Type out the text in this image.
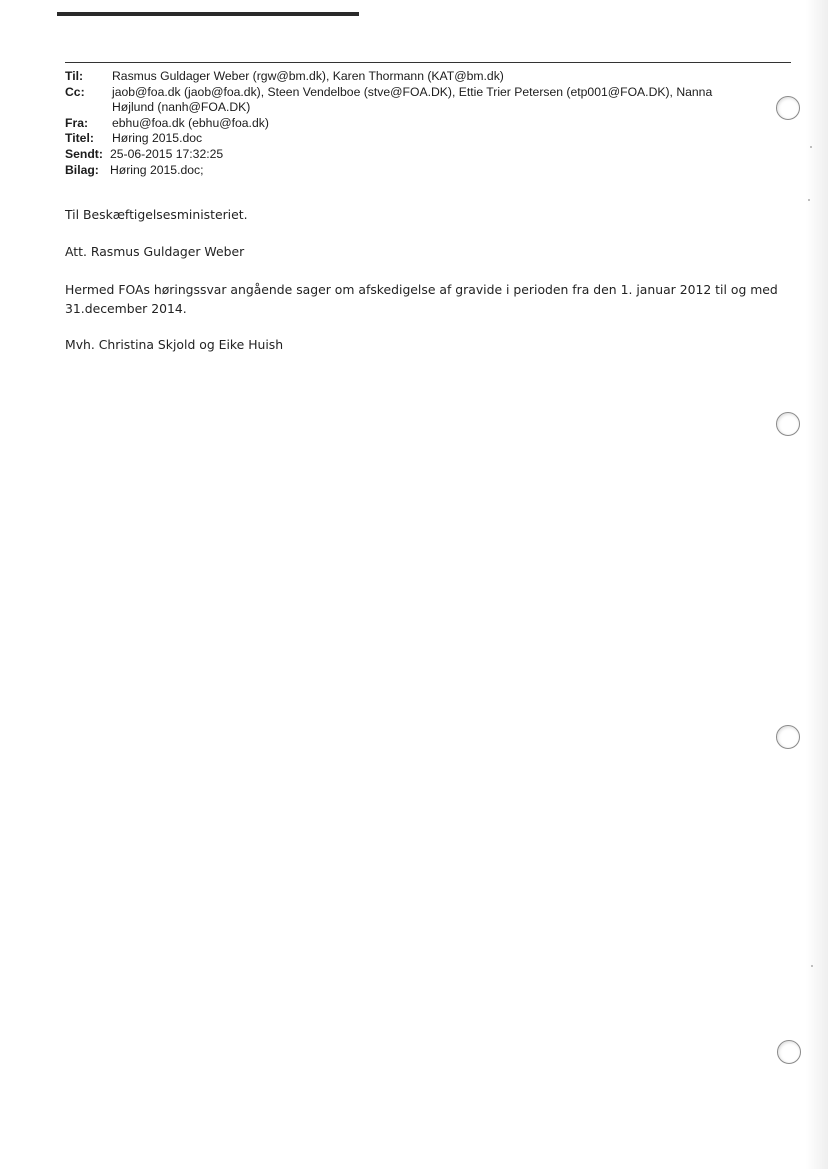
Til:	Rasmus Guldager Weber (rgw@bm.dk), Karen Thormann (KAT@bm.dk)
Cc:	jaob@foa.dk (jaob@foa.dk), Steen Vendelboe (stve@FOA.DK), Ettie Trier Petersen (etp001@FOA.DK), Nanna
Højlund (nanh@FOA.DK)
Fra:	ebhu@foa.dk (ebhu@foa.dk)
Titel:	Høring 2015.doc
Sendt: 25-06-2015 17:32:25
Bilag: Høring 2015.doc;

Til Beskæftigelsesministeriet.

Att. Rasmus Guldager Weber

Hermed FOAs høringssvar angående sager om afskedigelse af gravide i perioden fra den 1. januar 2012 til og med
31.december 2014.

Mvh. Christina Skjold og Eike Huish
